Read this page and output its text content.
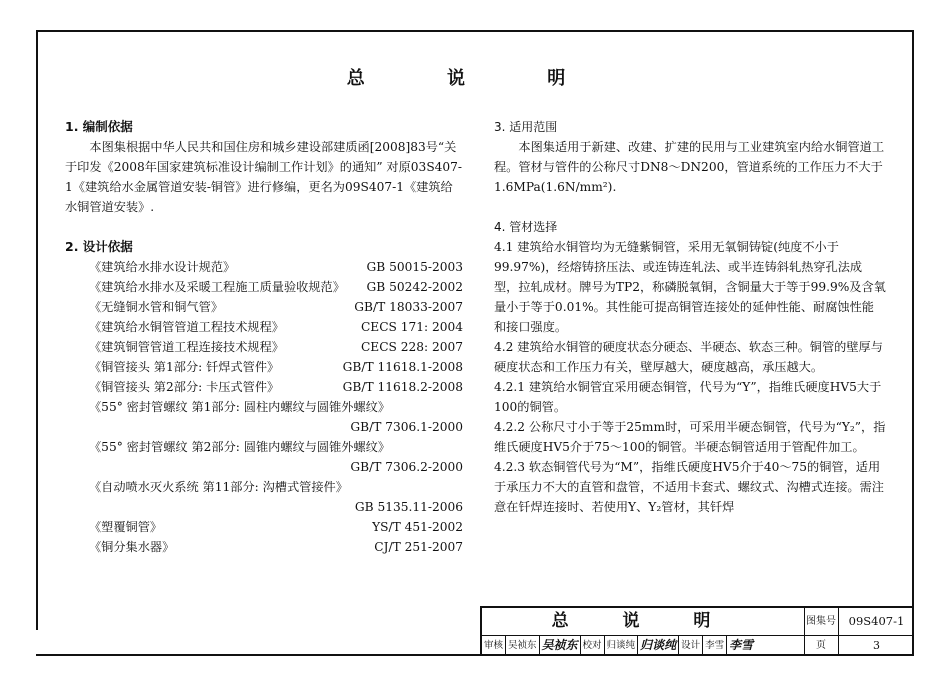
总 说 明
1. 编制依据

本图集根据中华人民共和国住房和城乡建设部建质函[2008]83号“关于印发《2008年国家建筑标准设计编制工作计划》的通知” 对原03S407-1《建筑给水金属管道安装-铜管》进行修编，更名为09S407-1《建筑给水铜管道安装》.

2. 设计依据
《建筑给水排水设计规范》	GB 50015-2003
《建筑给水排水及采暖工程施工质量验收规范》	GB 50242-2002
《无缝铜水管和铜气管》	GB/T 18033-2007
《建筑给水铜管管道工程技术规程》	CECS 171: 2004
《建筑铜管管道工程连接技术规程》	CECS 228: 2007
《铜管接头 第1部分: 钎焊式管件》	GB/T 11618.1-2008
《铜管接头 第2部分: 卡压式管件》	GB/T 11618.2-2008
《55° 密封管螺纹 第1部分: 圆柱内螺纹与圆锥外螺纹》
GB/T 7306.1-2000
《55° 密封管螺纹 第2部分: 圆锥内螺纹与圆锥外螺纹》
GB/T 7306.2-2000
《自动喷水灭火系统 第11部分: 沟槽式管接件》
GB 5135.11-2006
《塑覆铜管》	YS/T 451-2002
《铜分集水器》	CJ/T 251-2007
3. 适用范围

本图集适用于新建、改建、扩建的民用与工业建筑室内给水铜管道工程。管材与管件的公称尺寸DN8～DN200，管道系统的工作压力不大于1.6MPa(1.6N/mm²).

4. 管材选择

4.1 建筑给水铜管均为无缝紫铜管，采用无氧铜铸锭(纯度不小于99.97%)，经熔铸挤压法、或连铸连轧法、或半连铸斜轧热穿孔法成型，拉轧成材。牌号为TP2，称磷脱氧铜，含铜量大于等于99.9%及含氧量小于等于0.01%。其性能可提高铜管连接处的延伸性能、耐腐蚀性能和接口强度。

4.2 建筑给水铜管的硬度状态分硬态、半硬态、软态三种。铜管的壁厚与硬度状态和工作压力有关，壁厚越大，硬度越高，承压越大。

4.2.1 建筑给水铜管宜采用硬态铜管，代号为“Y”，指维氏硬度HV5大于100的铜管。

4.2.2 公称尺寸小于等于25mm时，可采用半硬态铜管，代号为“Y₂”，指维氏硬度HV5介于75～100的铜管。半硬态铜管适用于管配件加工。

4.2.3 软态铜管代号为“M”，指维氏硬度HV5介于40～75的铜管，适用于承压力不大的直管和盘管，不适用卡套式、螺纹式、沟槽式连接。需注意在钎焊连接时、若使用Y、Y₂管材，其钎焊

总 说 明
审核 吴祯东 吴祯东 校对 归谈纯 归谈纯 设计 李雪 李雪
图集号	09S407-1
页	3
